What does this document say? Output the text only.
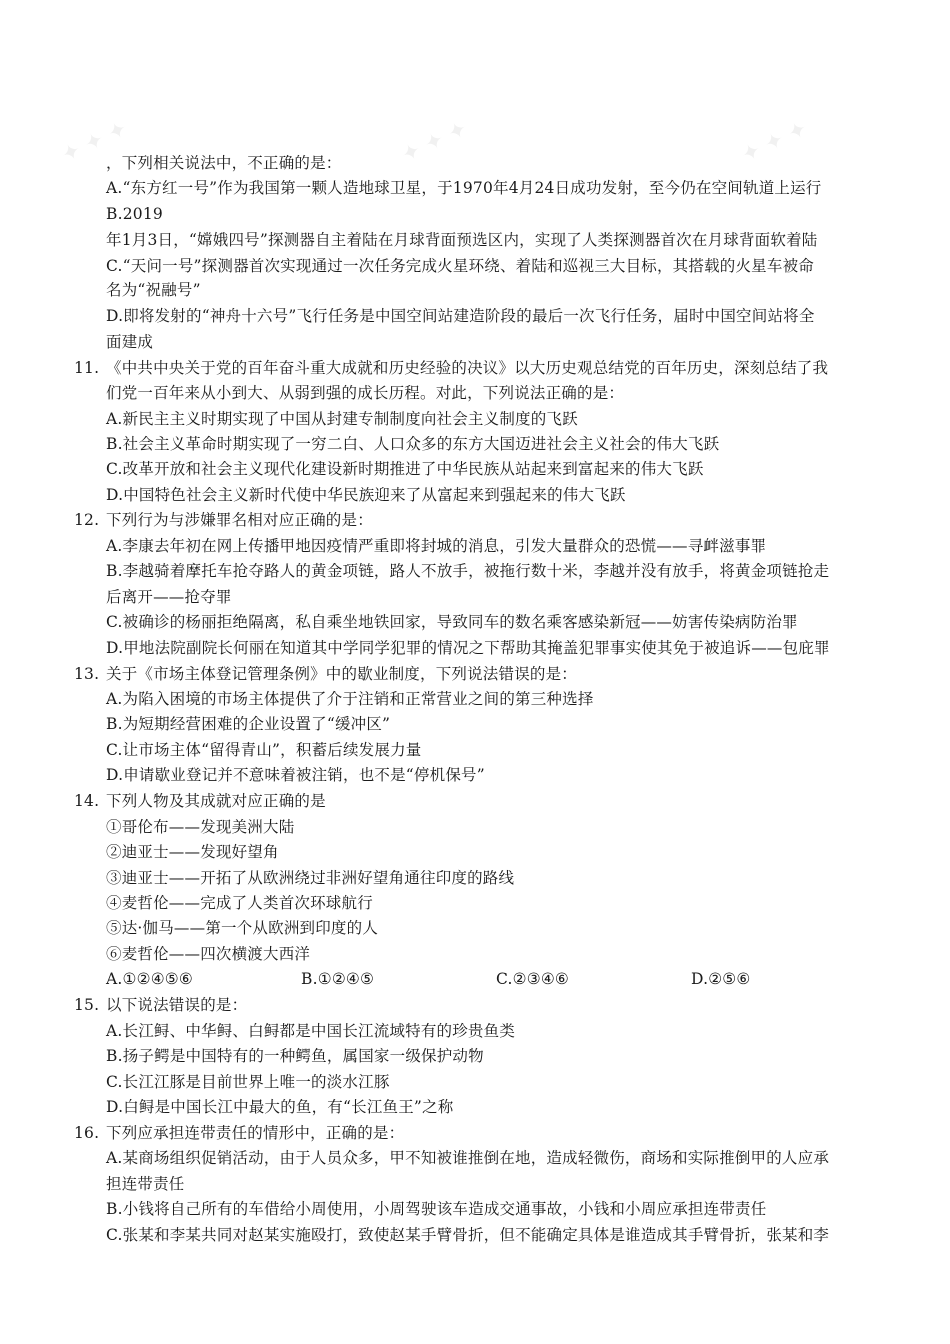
✦ ✦ ✦	✦ ✦ ✦	✦ ✦ ✦
，下列相关说法中，不正确的是：
A.“东方红一号”作为我国第一颗人造地球卫星，于1970年4月24日成功发射，至今仍在空间轨道上运行
B.2019
年1月3日，“嫦娥四号”探测器自主着陆在月球背面预选区内，实现了人类探测器首次在月球背面软着陆
C.“天问一号”探测器首次实现通过一次任务完成火星环绕、着陆和巡视三大目标，其搭载的火星车被命
名为“祝融号”
D.即将发射的“神舟十六号”飞行任务是中国空间站建造阶段的最后一次飞行任务，届时中国空间站将全
面建成
11. 《中共中央关于党的百年奋斗重大成就和历史经验的决议》以大历史观总结党的百年历史，深刻总结了我
们党一百年来从小到大、从弱到强的成长历程。对此，下列说法正确的是：
A.新民主主义时期实现了中国从封建专制制度向社会主义制度的飞跃
B.社会主义革命时期实现了一穷二白、人口众多的东方大国迈进社会主义社会的伟大飞跃
C.改革开放和社会主义现代化建设新时期推进了中华民族从站起来到富起来的伟大飞跃
D.中国特色社会主义新时代使中华民族迎来了从富起来到强起来的伟大飞跃
12. 下列行为与涉嫌罪名相对应正确的是：
A.李康去年初在网上传播甲地因疫情严重即将封城的消息，引发大量群众的恐慌——寻衅滋事罪
B.李越骑着摩托车抢夺路人的黄金项链，路人不放手，被拖行数十米，李越并没有放手，将黄金项链抢走
后离开——抢夺罪
C.被确诊的杨丽拒绝隔离，私自乘坐地铁回家，导致同车的数名乘客感染新冠——妨害传染病防治罪
D.甲地法院副院长何丽在知道其中学同学犯罪的情况之下帮助其掩盖犯罪事实使其免于被追诉——包庇罪
13. 关于《市场主体登记管理条例》中的歇业制度，下列说法错误的是：
A.为陷入困境的市场主体提供了介于注销和正常营业之间的第三种选择
B.为短期经营困难的企业设置了“缓冲区”
C.让市场主体“留得青山”，积蓄后续发展力量
D.申请歇业登记并不意味着被注销，也不是“停机保号”
14. 下列人物及其成就对应正确的是
①哥伦布——发现美洲大陆
②迪亚士——发现好望角
③迪亚士——开拓了从欧洲绕过非洲好望角通往印度的路线
④麦哲伦——完成了人类首次环球航行
⑤达·伽马——第一个从欧洲到印度的人
⑥麦哲伦——四次横渡大西洋
A.①②④⑤⑥	B.①②④⑤	C.②③④⑥	D.②⑤⑥
15. 以下说法错误的是：
A.长江鲟、中华鲟、白鲟都是中国长江流域特有的珍贵鱼类
B.扬子鳄是中国特有的一种鳄鱼，属国家一级保护动物
C.长江江豚是目前世界上唯一的淡水江豚
D.白鲟是中国长江中最大的鱼，有“长江鱼王”之称
16. 下列应承担连带责任的情形中，正确的是：
A.某商场组织促销活动，由于人员众多，甲不知被谁推倒在地，造成轻微伤，商场和实际推倒甲的人应承
担连带责任
B.小钱将自己所有的车借给小周使用，小周驾驶该车造成交通事故，小钱和小周应承担连带责任
C.张某和李某共同对赵某实施殴打，致使赵某手臂骨折，但不能确定具体是谁造成其手臂骨折，张某和李
